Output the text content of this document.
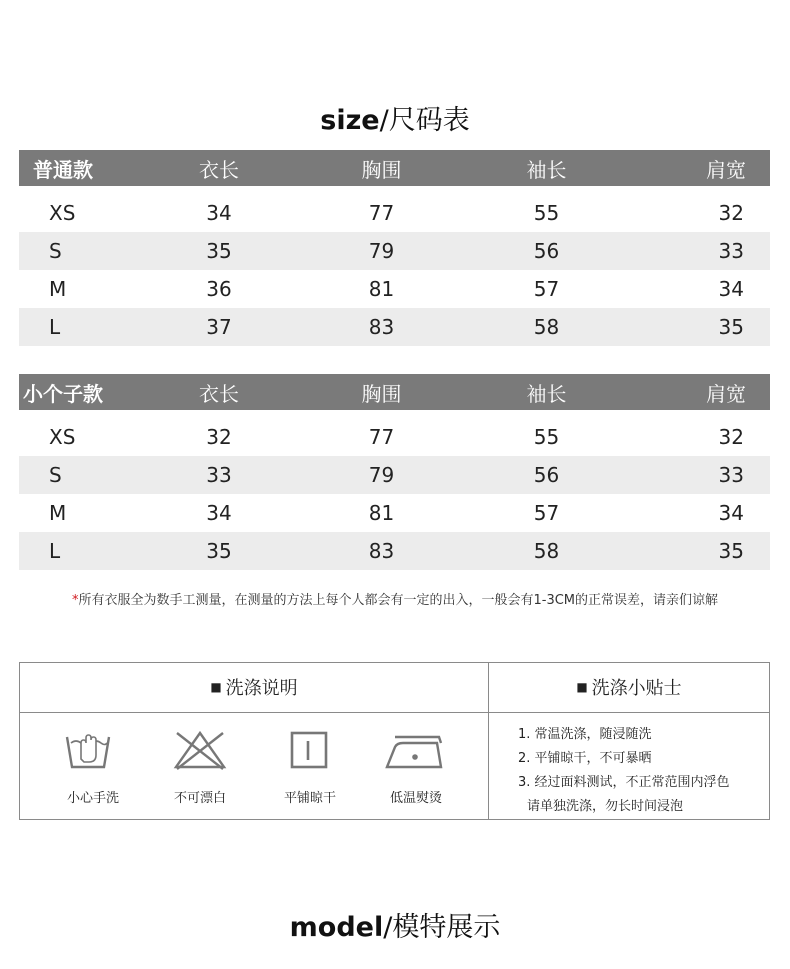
size/尺码表
普通款	衣长	胸围	袖长	肩宽

XS	34	77	55	32
S	35	79	56	33
M	36	81	57	34
L	37	83	58	35
小个子款	衣长	胸围	袖长	肩宽

XS	32	77	55	32
S	33	79	56	33
M	34	81	57	34
L	35	83	58	35
*所有衣服全为数手工测量，在测量的方法上每个人都会有一定的出入，一般会有1-3CM的正常误差，请亲们谅解
■ 洗涤说明	■ 洗涤小贴士
小心手洗	不可漂白	平铺晾干	低温熨烫
1. 常温洗涤，随浸随洗
2. 平铺晾干，不可暴晒
3. 经过面料测试，不正常范围内浮色
请单独洗涤，勿长时间浸泡
model/模特展示
